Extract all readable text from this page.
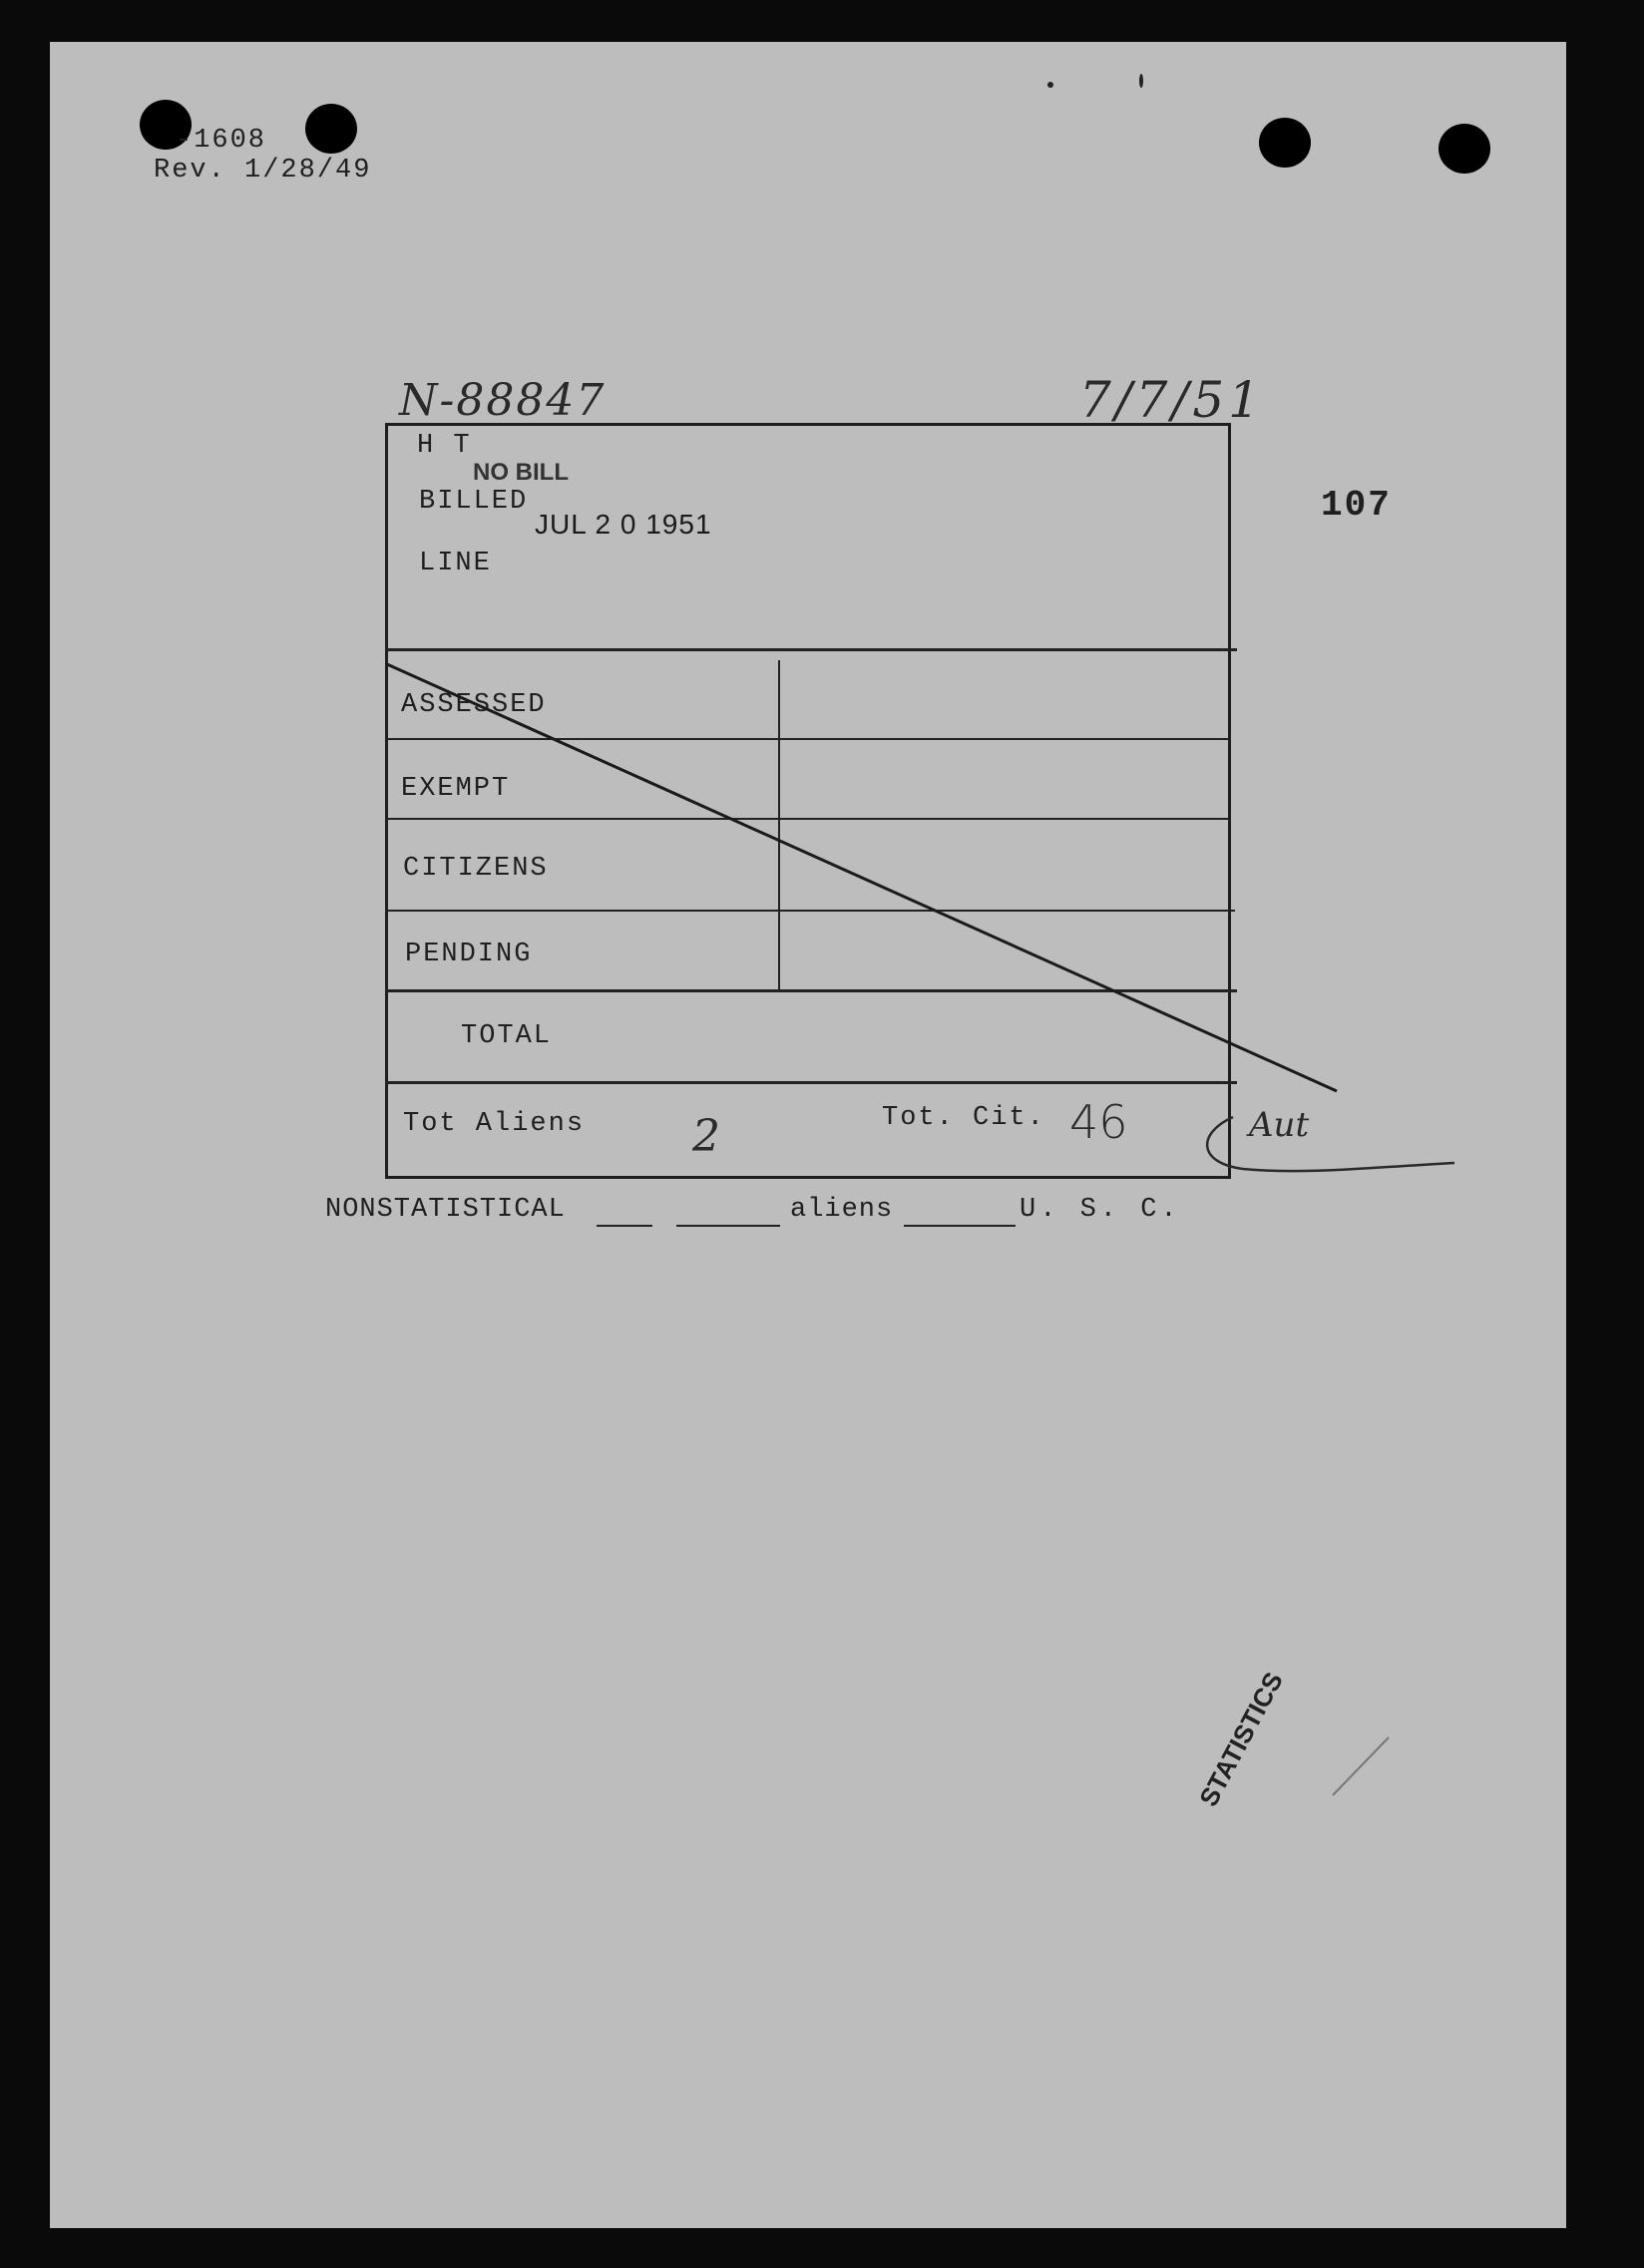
-1608
Rev. 1/28/49
N-88847	7/7/51
107
H T
NO BILL
BILLED
JUL 2 0 1951
LINE
ASSESSED
EXEMPT
CITIZENS
PENDING
TOTAL
Tot Aliens 2	Tot. Cit. 46	Aut
NONSTATISTICAL	aliens	U. S. C.
STATISTICS
